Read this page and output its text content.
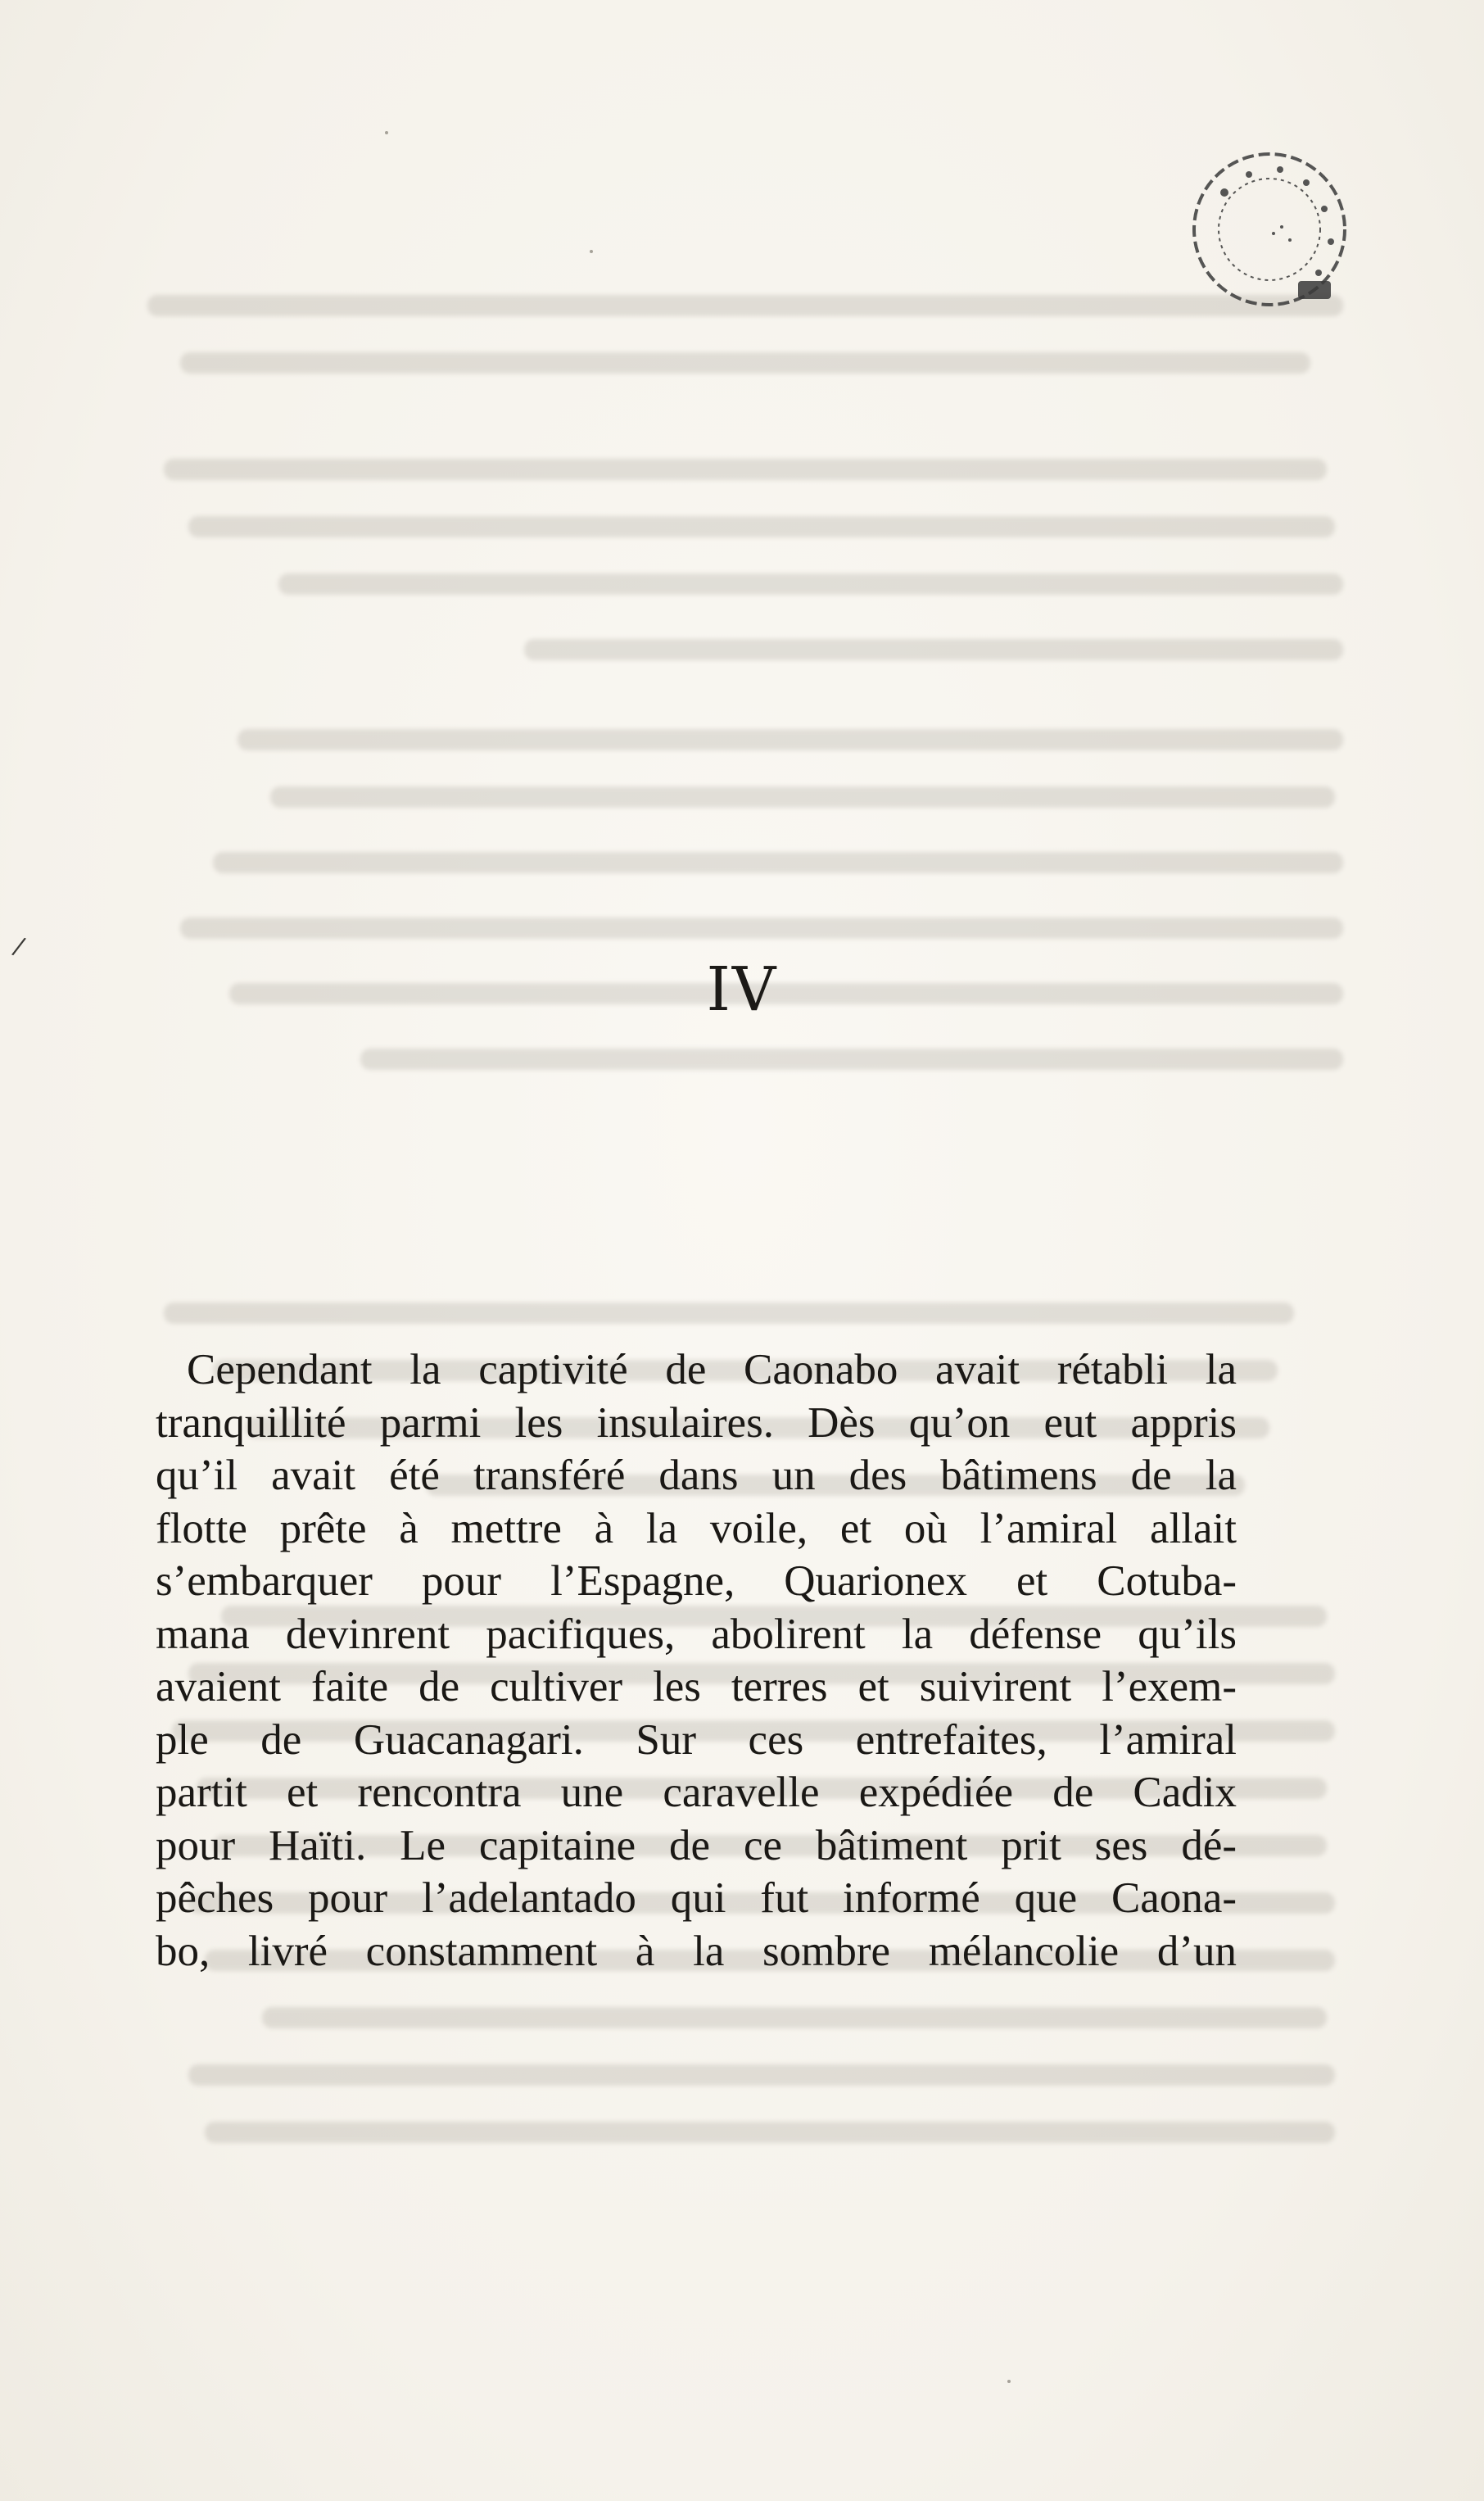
/
IV
Cependant la captivité de Caonabo avait rétabli la
tranquillité parmi les insulaires. Dès qu’on eut appris
qu’il avait été transféré dans un des bâtimens de la
flotte prête à mettre à la voile, et où l’amiral allait
s’embarquer pour l’Espagne, Quarionex et Cotuba-
mana devinrent pacifiques, abolirent la défense qu’ils
avaient faite de cultiver les terres et suivirent l’exem-
ple de Guacanagari. Sur ces entrefaites, l’amiral
partit et rencontra une caravelle expédiée de Cadix
pour Haïti. Le capitaine de ce bâtiment prit ses dé-
pêches pour l’adelantado qui fut informé que Caona-
bo, livré constamment à la sombre mélancolie d’un
